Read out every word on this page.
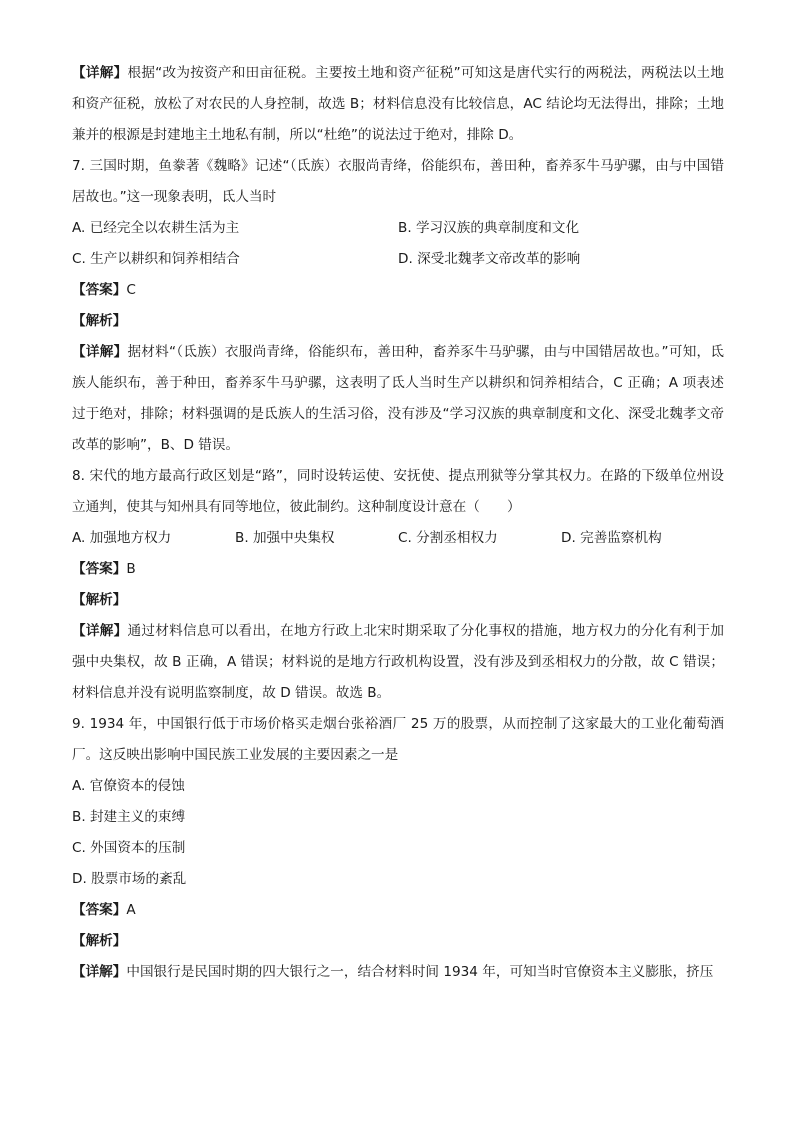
【详解】根据“改为按资产和田亩征税。主要按土地和资产征税”可知这是唐代实行的两税法，两税法以土地和资产征税，放松了对农民的人身控制，故选 B；材料信息没有比较信息，AC 结论均无法得出，排除；土地兼并的根源是封建地主土地私有制，所以“杜绝”的说法过于绝对，排除 D。

7. 三国时期，鱼豢著《魏略》记述“（氐族）衣服尚青绛，俗能织布，善田种，畜养豕牛马驴骡，由与中国错居故也。”这一现象表明，氐人当时

A. 已经完全以农耕生活为主	B. 学习汉族的典章制度和文化
C. 生产以耕织和饲养相结合	D. 深受北魏孝文帝改革的影响

【答案】C

【解析】

【详解】据材料“（氐族）衣服尚青绛，俗能织布，善田种，畜养豕牛马驴骡，由与中国错居故也。”可知，氐族人能织布，善于种田，畜养豕牛马驴骡，这表明了氐人当时生产以耕织和饲养相结合，C 正确；A 项表述过于绝对，排除；材料强调的是氐族人的生活习俗，没有涉及“学习汉族的典章制度和文化、深受北魏孝文帝改革的影响”，B、D 错误。

8. 宋代的地方最高行政区划是“路”，同时设转运使、安抚使、提点刑狱等分掌其权力。在路的下级单位州设立通判，使其与知州具有同等地位，彼此制约。这种制度设计意在（　　）

A. 加强地方权力	B. 加强中央集权	C. 分割丞相权力	D. 完善监察机构

【答案】B

【解析】

【详解】通过材料信息可以看出，在地方行政上北宋时期采取了分化事权的措施，地方权力的分化有利于加强中央集权，故 B 正确，A 错误；材料说的是地方行政机构设置，没有涉及到丞相权力的分散，故 C 错误；材料信息并没有说明监察制度，故 D 错误。故选 B。

9. 1934 年，中国银行低于市场价格买走烟台张裕酒厂 25 万的股票，从而控制了这家最大的工业化葡萄酒厂。这反映出影响中国民族工业发展的主要因素之一是

A. 官僚资本的侵蚀
B. 封建主义的束缚
C. 外国资本的压制
D. 股票市场的紊乱

【答案】A

【解析】

【详解】中国银行是民国时期的四大银行之一，结合材料时间 1934 年，可知当时官僚资本主义膨胀，挤压
